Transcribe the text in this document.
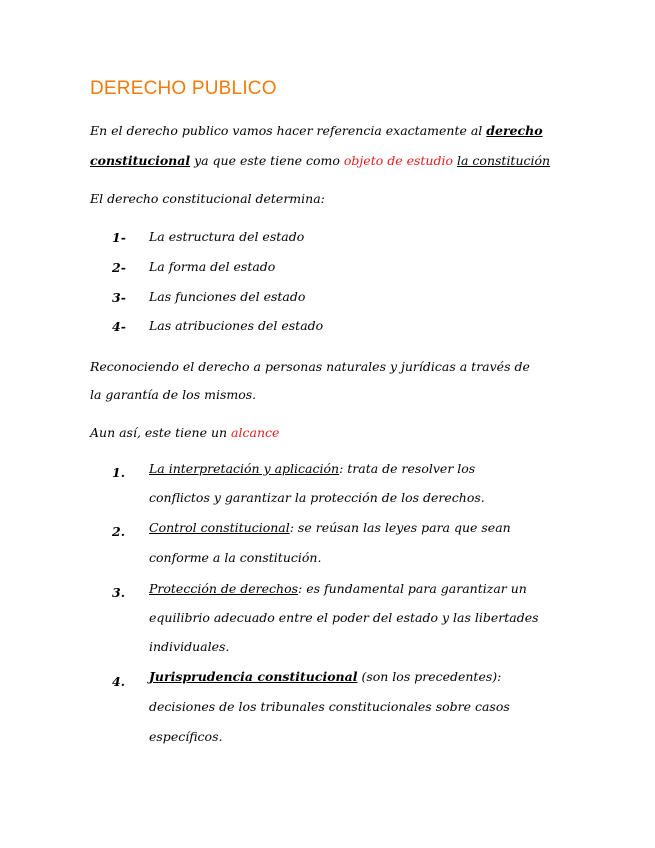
DERECHO PUBLICO
En el derecho publico vamos hacer referencia exactamente al derecho
constitucional ya que este tiene como objeto de estudio la constitución
El derecho constitucional determina:
1- La estructura del estado
2- La forma del estado
3- Las funciones del estado
4- Las atribuciones del estado
Reconociendo el derecho a personas naturales y jurídicas a través de
la garantía de los mismos.
Aun así, este tiene un alcance
1. La interpretación y aplicación: trata de resolver los
conflictos y garantizar la protección de los derechos.
2. Control constitucional: se reúsan las leyes para que sean
conforme a la constitución.
3. Protección de derechos: es fundamental para garantizar un
equilibrio adecuado entre el poder del estado y las libertades
individuales.
4. Jurisprudencia constitucional (son los precedentes):
decisiones de los tribunales constitucionales sobre casos
específicos.
